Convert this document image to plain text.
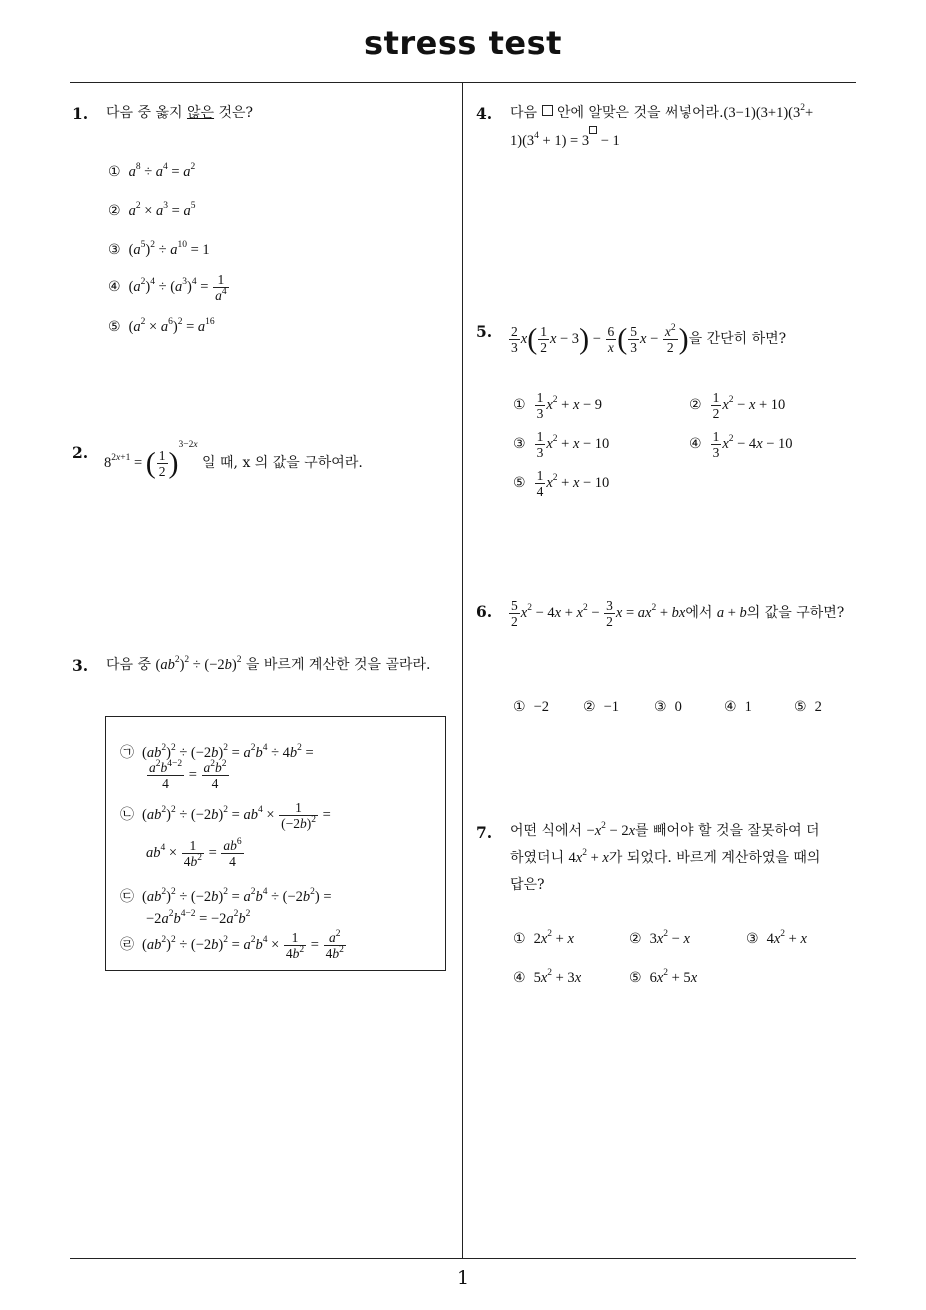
stress test
1
1. 다음 중 옳지 않은 것은?
① $a^8 \div a^4 = a^2$
② $a^2 \times a^3 = a^5$
③ $(a^5)^2 \div a^{10} = 1$
④ $(a^2)^4 \div (a^3)^4 = \frac{1}{a^4}$
⑤ $(a^2 \times a^6)^2 = a^{16}$
2.
$8^{2x+1}$ = ( $\frac{1}{2} )^{3-2x}$ 일 때, x 의 값을 구하여라.
3. 다음 중 $(ab^2)^2 \div (-2b)^2$ 을 바르게 계산한 것을 골라라.
㉠ $(ab^2)^2 \div (-2b)^2 = a^2b^4 \div 4b^2$ =
$\frac{a^2b^{4-2}}{4} = \frac{a^2b^2}{4}$
㉡ $(ab^2)^2 \div (-2b)^2 = ab^4 \times \frac{1}{(-2b)^2}$ =
$ab^4 \times \frac{1}{4b^2} = \frac{ab^6}{4}$
㉢ $(ab^2)^2 \div (-2b)^2 = a^2b^4 \div (-2b^2)$ =
$-2a^2b^{4-2} = -2a^2b^2$
㉣ $(ab^2)^2 \div (-2b)^2 = a^2b^4 \times \frac{1}{4b^2} = \frac{a^2}{4b^2}$
4. 다음  안에 알맞은 것을 써넣어라$.(3-1)(3+1)(3^2+$
$1)(3^4 + 1) = 3 - 1$
5. $\frac{2}{3} x( \frac{1}{2}$ $x - 3) - \frac{6}{x}$ ( $\frac{5}{3}$ $x - \frac{x^2}{2}$ )을 간단히 하면?
① $\frac{1}{3} x^2 + x - 9$	② $\frac{1}{2} x^2 - x + 10$
③ $\frac{1}{3} x^2 + x - 10$	④ $\frac{1}{3} x^2 - 4x - 10$
⑤ $\frac{1}{4} x^2 + x - 10$
6. $\frac{5}{2} x^2 - 4x + x^2 - \frac{3}{2}$ $x = ax^2$ + bx에서 a + b의 값을 구하면?
① −2 ② −1	③ 0	④ 1	⑤ 2
7. 어떤 식에서 $-x^2 - 2x$를 빼어야 할 것을 잘못하여 더
하였더니 $4x^2 + x$가 되었다. 바르게 계산하였을 때의
답은?
① $2x^2 + x$	② $3x^2 - x$	③ $4x^2 + x$
④ $5x^2 + 3x$	⑤ $6x^2 + 5x$
